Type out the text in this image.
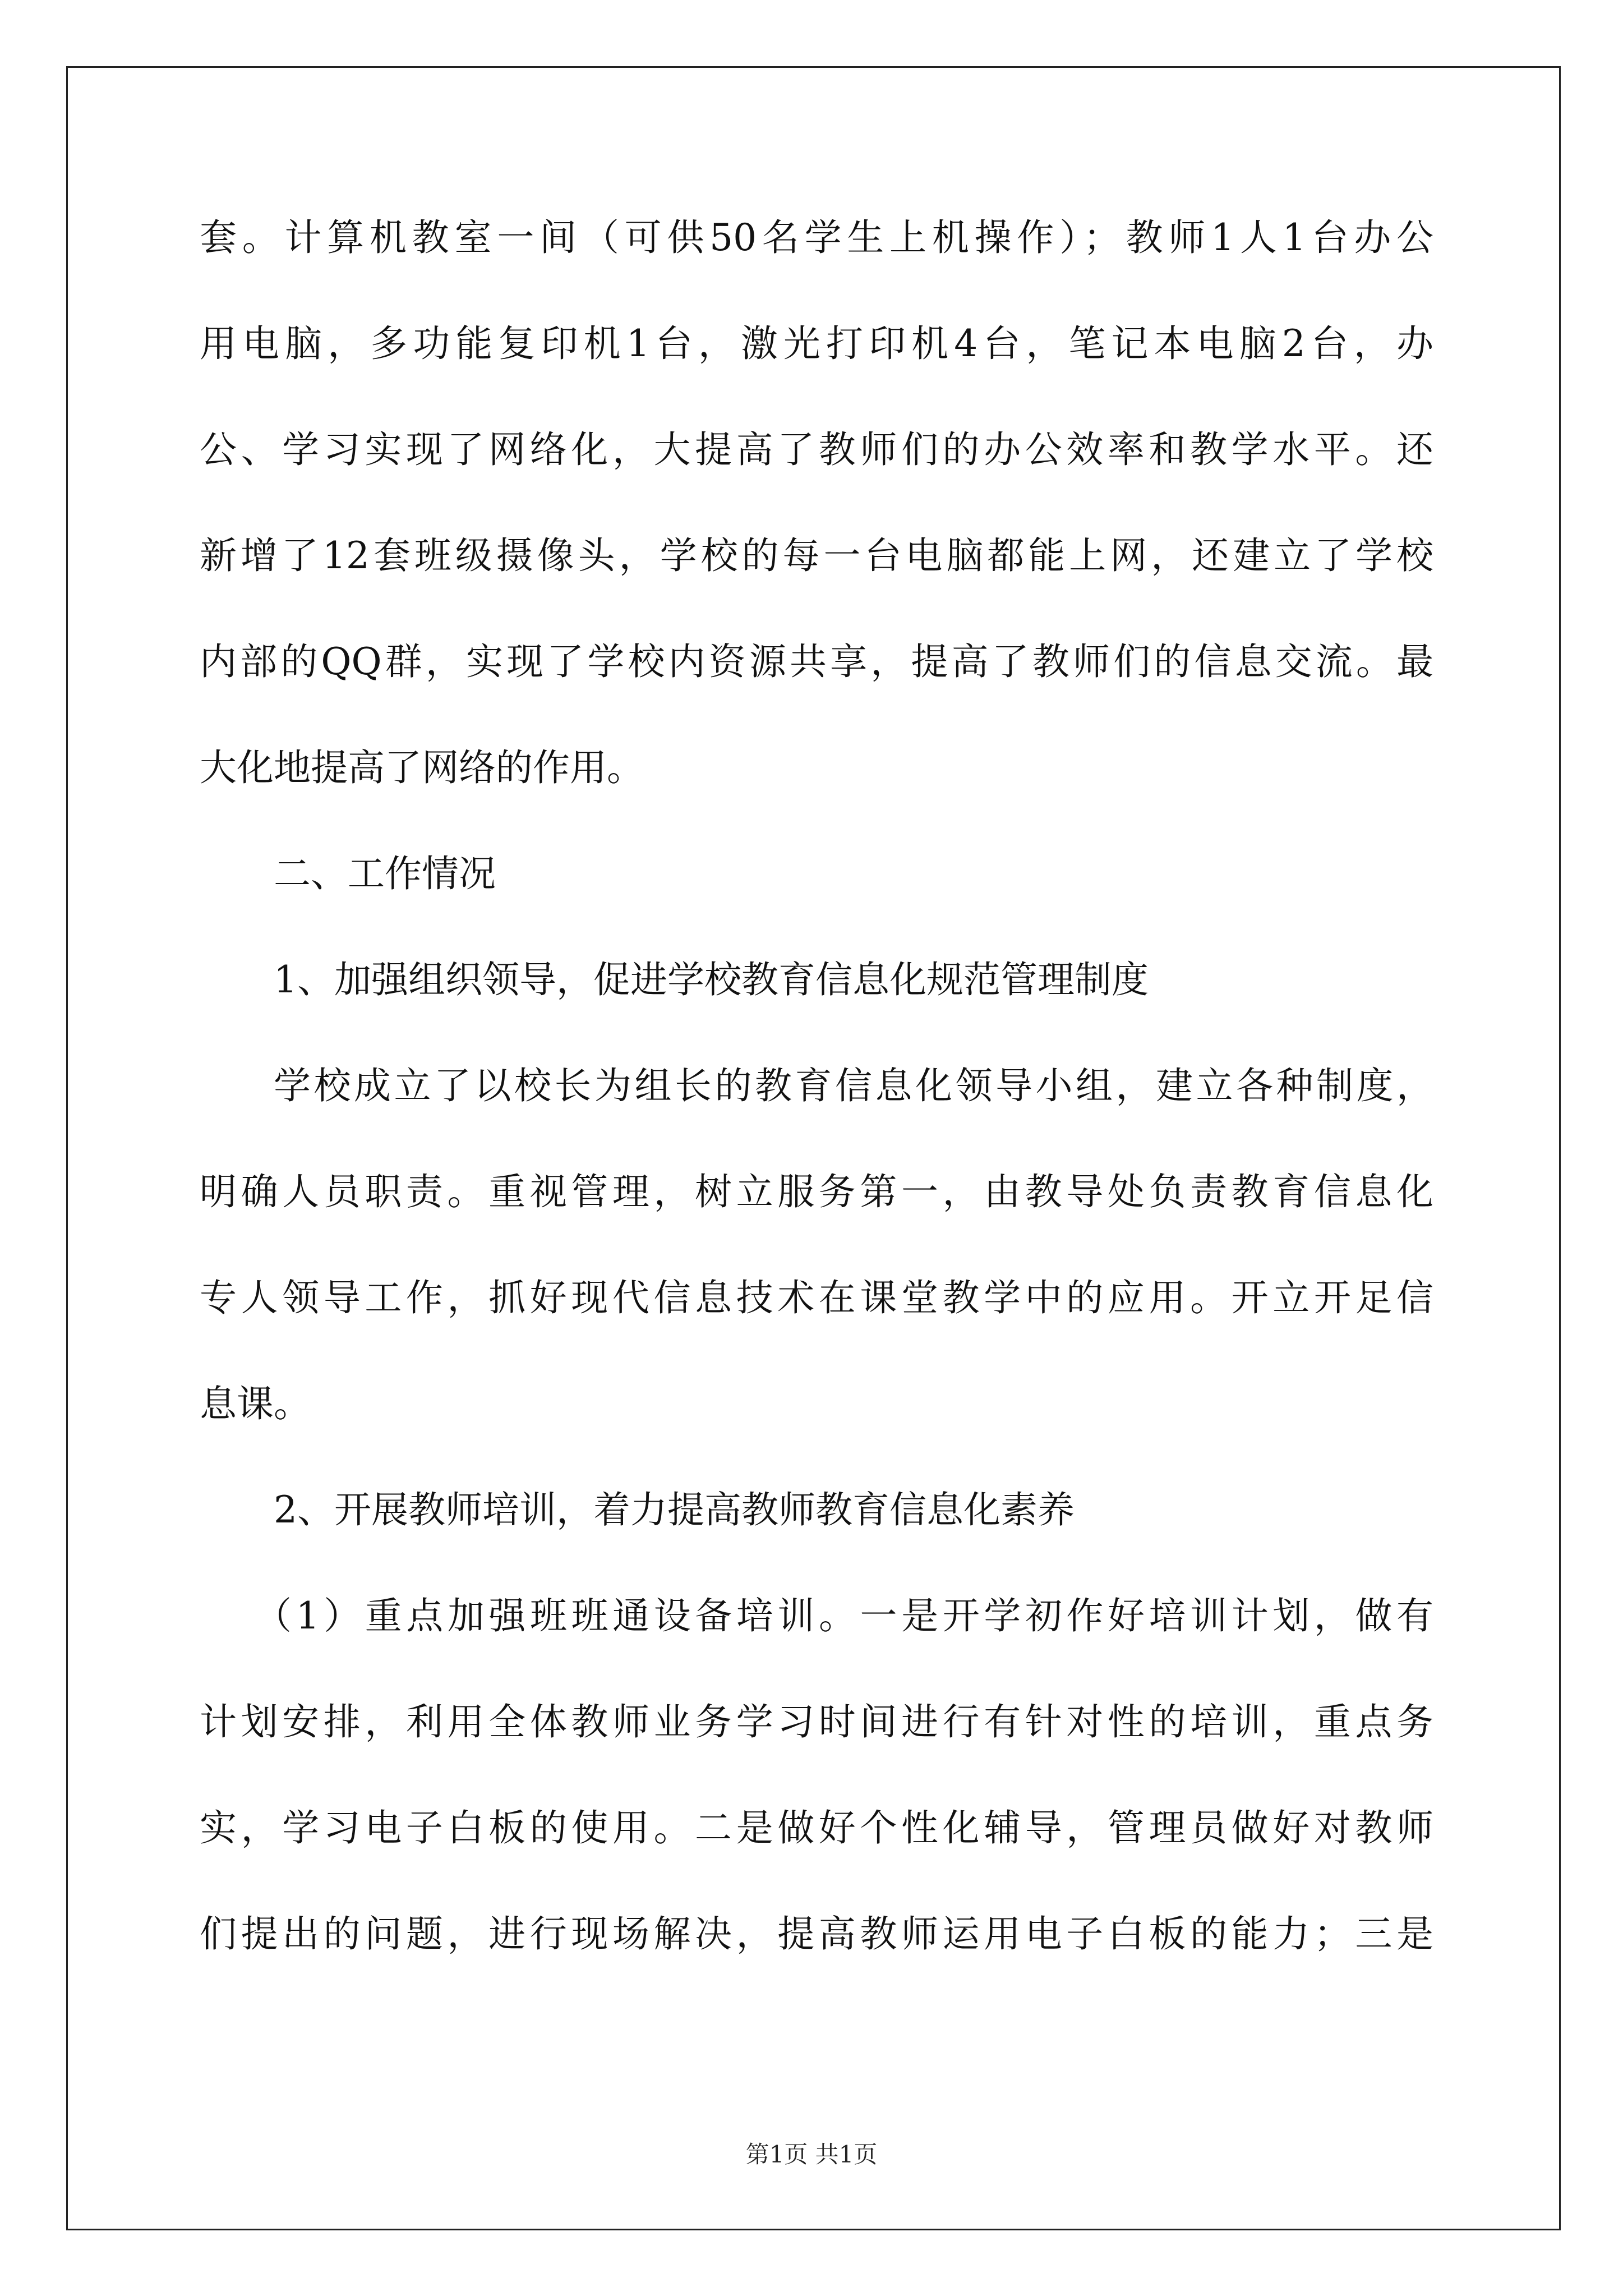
套。计算机教室一间（可供50名学生上机操作）；教师1人1台办公
用电脑，多功能复印机1台，激光打印机4台，笔记本电脑2台，办
公、学习实现了网络化，大提高了教师们的办公效率和教学水平。还
新增了12套班级摄像头，学校的每一台电脑都能上网，还建立了学校
内部的QQ群，实现了学校内资源共享，提高了教师们的信息交流。最
大化地提高了网络的作用。
二、工作情况
1、加强组织领导，促进学校教育信息化规范管理制度
学校成立了以校长为组长的教育信息化领导小组，建立各种制度，
明确人员职责。重视管理，树立服务第一，由教导处负责教育信息化
专人领导工作，抓好现代信息技术在课堂教学中的应用。开立开足信
息课。
2、开展教师培训，着力提高教师教育信息化素养
（1）重点加强班班通设备培训。一是开学初作好培训计划，做有
计划安排，利用全体教师业务学习时间进行有针对性的培训，重点务
实，学习电子白板的使用。二是做好个性化辅导，管理员做好对教师
们提出的问题，进行现场解决，提高教师运用电子白板的能力；三是
第1页 共1页
